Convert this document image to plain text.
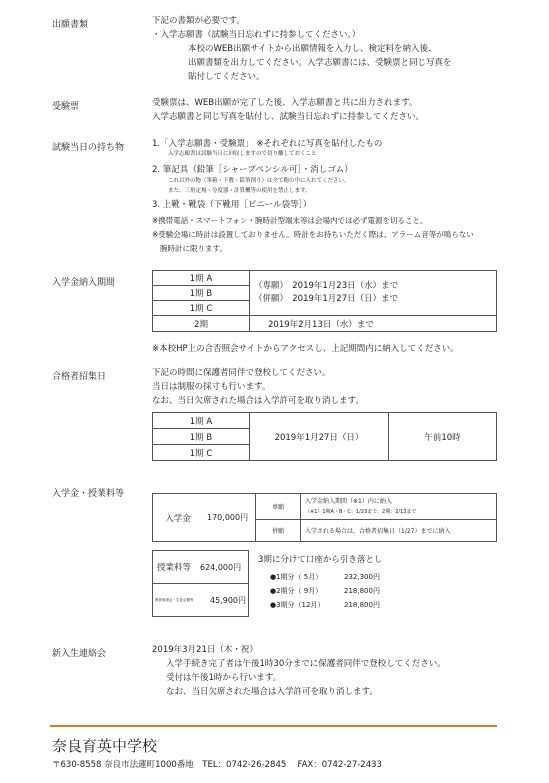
出願書類	下記の書類が必要です。
・入学志願書（試験当日忘れずに持参してください。）
本校のWEB出願サイトから出願情報を入力し、検定料を納入後、
出願書類を出力してください。入学志願書には、受験票と同じ写真を
貼付してください。
受験票	受験票は、WEB出願が完了した後、入学志願書と共に出力されます。
入学志願書と同じ写真を貼付し、試験当日忘れずに持参してください。
試験当日の持ち物	1.「入学志願書・受験票」 ※それぞれに写真を貼付したもの
入学志願書は試験当日に回収しますので切り離しておくこと
2. 筆記具（鉛筆［シャープペンシル可］・消しゴム）
これ以外の物（筆箱・下敷・鉛筆削り）は全て鞄の中に入れてください。
また、三角定規・分度器・計算機等の使用を禁止します。
3. 上靴・靴袋（下靴用［ビニール袋等］）
※携帯電話・スマートフォン・腕時計型端末等は会場内では必ず電源を切ること。
※受験会場に時計は設置しておりません。時計をお持ちいただく際は、アラーム音等が鳴らない
腕時計に限ります。
入学金納入期間	1期 A	（専願）　2019年1月23日（水）まで
（併願）　2019年1月27日（日）まで

1期 B	
1期 C	
2期	2019年2月13日（水）まで
※本校HP上の合否照会サイトからアクセスし、上記期間内に納入してください。
合格者招集日	下記の時間に保護者同伴で登校してください。
当日は制服の採寸も行います。
なお、当日欠席された場合は入学許可を取り消します。
1期 A	2019年1月27日（日）	午前10時
1期 B
1期 C
入学金・授業料等
入学金	170,000円	専願	入学金納入期間（※1）内に納入
（※1）1期A・B・C：1/23まで、2期：2/13まで

		併願	入学される場合は、合格者招集日（1/27）までに納入
授業料等	624,000円
教育後援会・生徒会費等	45,900円
3期に分けて口座から引き落とし
●1期分（ 5月）	232,300円
●2期分（ 9月）	218,800円
●3期分（12月）	218,800円
新入生連絡会	2019年3月21日（木・祝）
入学手続き完了者は午後1時30分までに保護者同伴で登校してください。
受付は午後1時から行います。
なお、当日欠席された場合は入学許可を取り消します。
奈良育英中学校
〒630-8558 奈良市法蓮町1000番地　TEL：0742-26-2845　 FAX：0742-27-2433
